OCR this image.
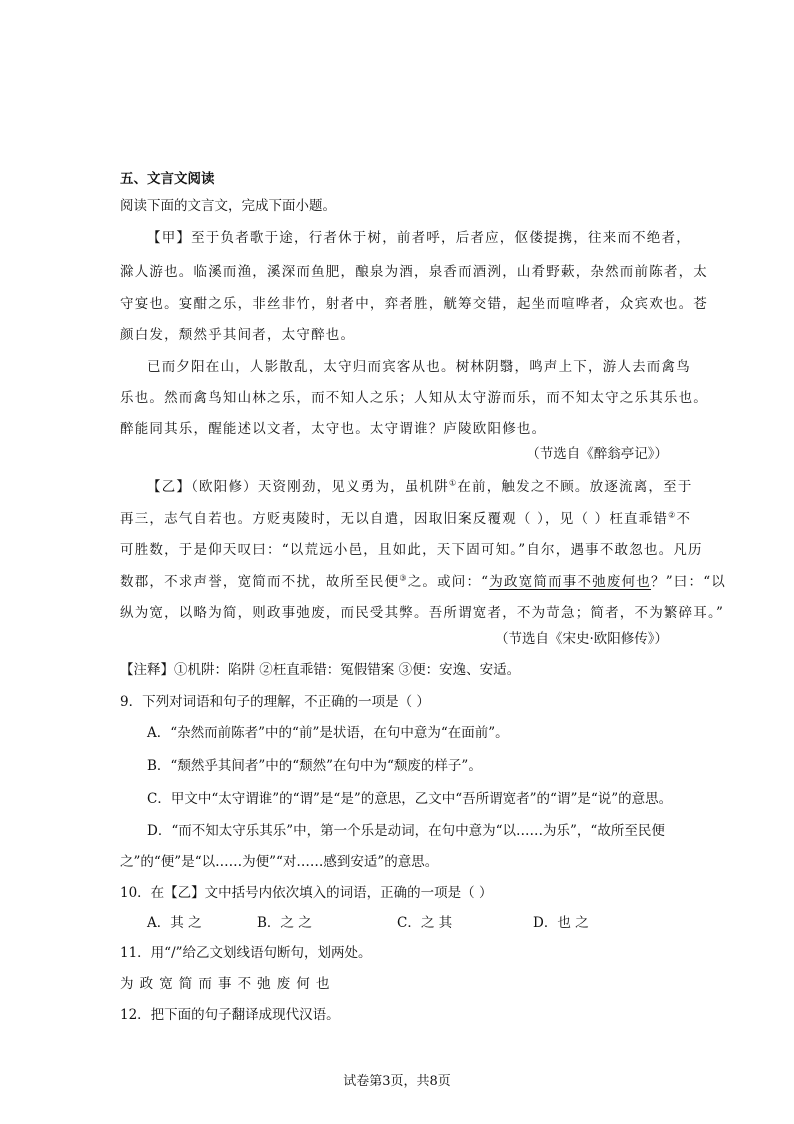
五、文言文阅读
阅读下面的文言文，完成下面小题。
【甲】至于负者歌于途，行者休于树，前者呼，后者应，伛偻提携，往来而不绝者，
滁人游也。临溪而渔，溪深而鱼肥，酿泉为酒，泉香而酒洌，山肴野蔌，杂然而前陈者，太
守宴也。宴酣之乐，非丝非竹，射者中，弈者胜，觥筹交错，起坐而喧哗者，众宾欢也。苍
颜白发，颓然乎其间者，太守醉也。
已而夕阳在山，人影散乱，太守归而宾客从也。树林阴翳，鸣声上下，游人去而禽鸟
乐也。然而禽鸟知山林之乐，而不知人之乐；人知从太守游而乐，而不知太守之乐其乐也。
醉能同其乐，醒能述以文者，太守也。太守谓谁？庐陵欧阳修也。
（节选自《醉翁亭记》）
【乙】（欧阳修）天资刚劲，见义勇为，虽机阱①在前，触发之不顾。放逐流离，至于
再三，志气自若也。方贬夷陵时，无以自遣，因取旧案反覆观（ ），见（ ）枉直乖错②不
可胜数，于是仰天叹曰：“以荒远小邑，且如此，天下固可知。”自尔，遇事不敢忽也。凡历
数郡，不求声誉，宽简而不扰，故所至民便③之。或问：“为政宽简而事不弛废何也？”曰：“以
纵为宽，以略为简，则政事弛废，而民受其弊。吾所谓宽者，不为苛急；简者，不为繁碎耳。”
（节选自《宋史·欧阳修传》）
【注释】①机阱：陷阱 ②枉直乖错：冤假错案 ③便：安逸、安适。
9．下列对词语和句子的理解，不正确的一项是（ ）
A．“杂然而前陈者”中的“前”是状语，在句中意为“在面前”。
B．“颓然乎其间者”中的“颓然”在句中为“颓废的样子”。
C．甲文中“太守谓谁”的“谓”是“是”的意思，乙文中“吾所谓宽者”的“谓”是“说”的意思。
D．“而不知太守乐其乐”中，第一个乐是动词，在句中意为“以……为乐”，“故所至民便
之”的“便”是“以……为便”“对……感到安适”的意思。
10．在【乙】文中括号内依次填入的词语，正确的一项是（ ）
A．其 之	B．之 之	C．之 其	D．也 之
11．用“/”给乙文划线语句断句，划两处。
为 政 宽 简 而 事 不 弛 废 何 也
12．把下面的句子翻译成现代汉语。
试卷第3页，共8页
